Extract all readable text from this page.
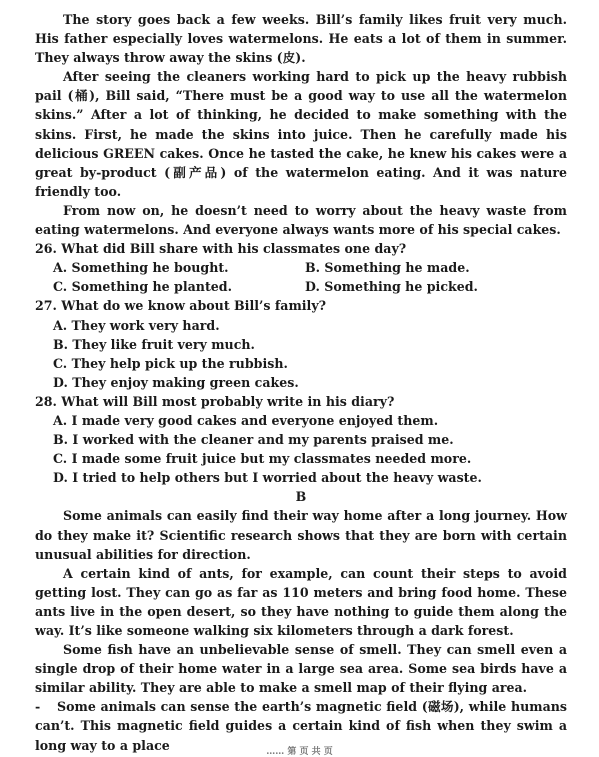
The story goes back a few weeks. Bill’s family likes fruit very much. His father especially loves watermelons. He eats a lot of them in summer. They always throw away the skins (皮).

After seeing the cleaners working hard to pick up the heavy rubbish pail (桶), Bill said, “There must be a good way to use all the watermelon skins.” After a lot of thinking, he decided to make something with the skins. First, he made the skins into juice. Then he carefully made his delicious GREEN cakes. Once he tasted the cake, he knew his cakes were a great by-product (副产品) of the watermelon eating. And it was nature friendly too.

From now on, he doesn’t need to worry about the heavy waste from eating watermelons. And everyone always wants more of his special cakes.

26. What did Bill share with his classmates one day?

A. Something he bought.	B. Something he made.
C. Something he planted.	D. Something he picked.

27. What do we know about Bill’s family?

A. They work very hard.
B. They like fruit very much.
C. They help pick up the rubbish.
D. They enjoy making green cakes.

28. What will Bill most probably write in his diary?

A. I made very good cakes and everyone enjoyed them.
B. I worked with the cleaner and my parents praised me.
C. I made some fruit juice but my classmates needed more.
D. I tried to help others but I worried about the heavy waste.

B

Some animals can easily find their way home after a long journey. How do they make it? Scientific research shows that they are born with certain unusual abilities for direction.

A certain kind of ants, for example, can count their steps to avoid getting lost. They can go as far as 110 meters and bring food home. These ants live in the open desert, so they have nothing to guide them along the way. It’s like someone walking six kilometers through a dark forest.

Some fish have an unbelievable sense of smell. They can smell even a single drop of their home water in a large sea area. Some sea birds have a similar ability. They are able to make a smell map of their flying area.

- Some animals can sense the earth’s magnetic field (磁场), while humans can’t. This magnetic field guides a certain kind of fish when they swim a long way to a place	…… 第 页 共 页
